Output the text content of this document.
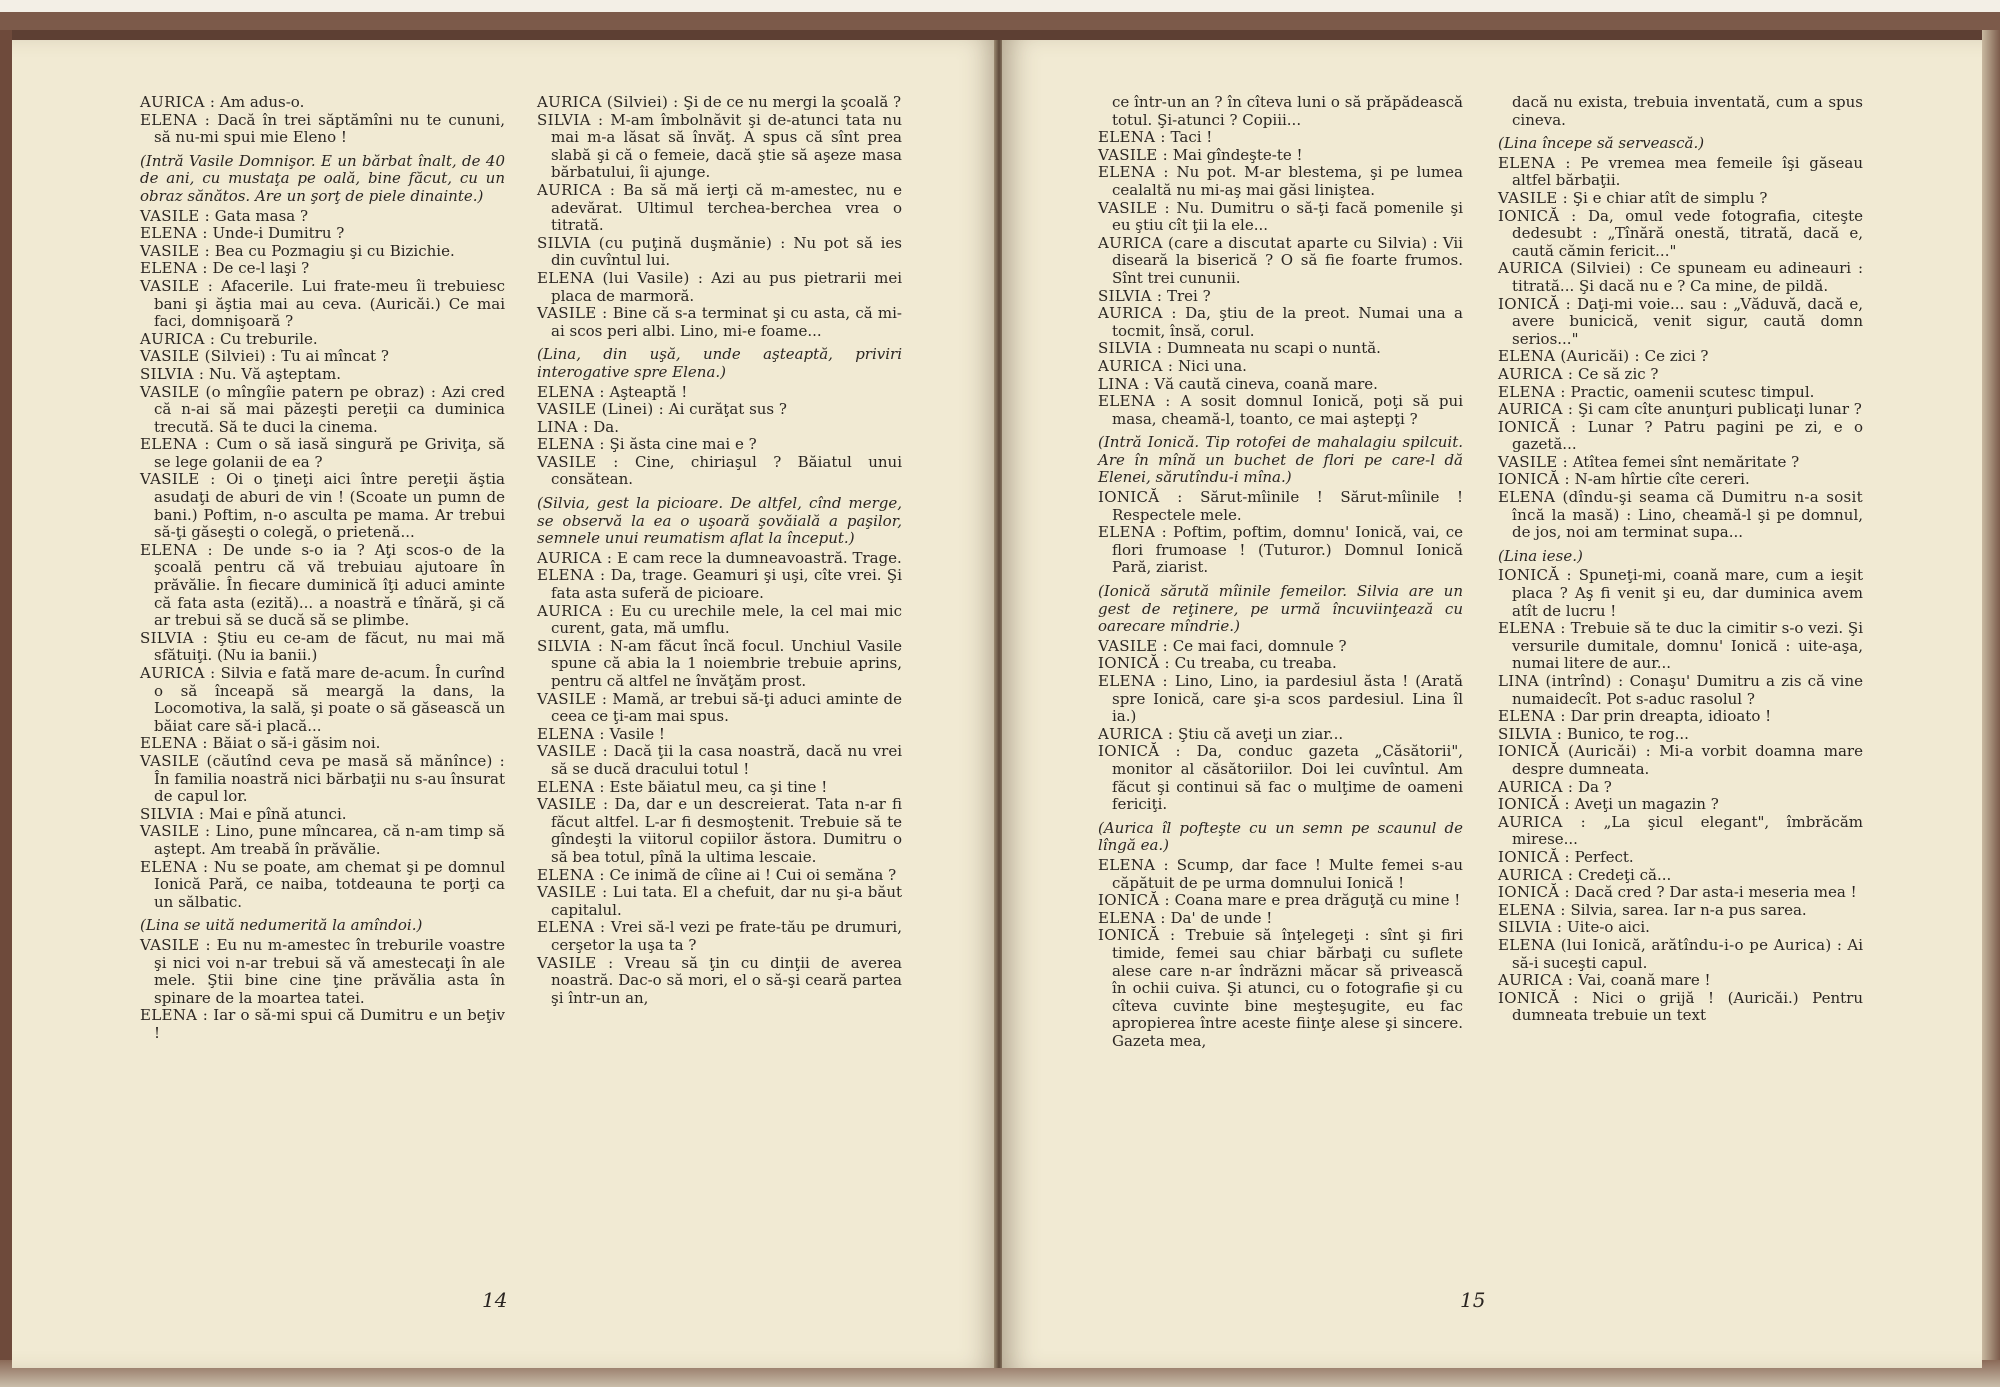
AURICA : Am adus-o.

ELENA : Dacă în trei săptămîni nu te cununi, să nu-mi spui mie Eleno !

(Intră Vasile Domnişor. E un bărbat înalt, de 40 de ani, cu mustaţa pe oală, bine făcut, cu un obraz sănătos. Are un şorţ de piele dinainte.)

VASILE : Gata masa ?

ELENA : Unde-i Dumitru ?

VASILE : Bea cu Pozmagiu şi cu Bizichie.

ELENA : De ce-l laşi ?

VASILE : Afacerile. Lui frate-meu îi trebuiesc bani şi ăştia mai au ceva. (Auricăi.) Ce mai faci, domnişoară ?

AURICA : Cu treburile.

VASILE (Silviei) : Tu ai mîncat ?

SILVIA : Nu. Vă aşteptam.

VASILE (o mîngîie patern pe obraz) : Azi cred că n-ai să mai păzeşti pereţii ca duminica trecută. Să te duci la cinema.

ELENA : Cum o să iasă singură pe Griviţa, să se lege golanii de ea ?

VASILE : Oi o ţineţi aici între pereţii ăştia asudaţi de aburi de vin ! (Scoate un pumn de bani.) Poftim, n-o asculta pe mama. Ar trebui să-ţi găseşti o colegă, o prietenă...

ELENA : De unde s-o ia ? Aţi scos-o de la şcoală pentru că vă trebuiau ajutoare în prăvălie. În fiecare duminică îţi aduci aminte că fata asta (ezită)... a noastră e tînără, şi că ar trebui să se ducă să se plimbe.

SILVIA : Ştiu eu ce-am de făcut, nu mai mă sfătuiţi. (Nu ia banii.)

AURICA : Silvia e fată mare de-acum. În curînd o să înceapă să meargă la dans, la Locomotiva, la sală, şi poate o să găsească un băiat care să-i placă...

ELENA : Băiat o să-i găsim noi.

VASILE (căutînd ceva pe masă să mănînce) : În familia noastră nici bărbaţii nu s-au însurat de capul lor.

SILVIA : Mai e pînă atunci.

VASILE : Lino, pune mîncarea, că n-am timp să aştept. Am treabă în prăvălie.

ELENA : Nu se poate, am chemat şi pe domnul Ionică Pară, ce naiba, totdeauna te porţi ca un sălbatic.

(Lina se uită nedumerită la amîndoi.)

VASILE : Eu nu m-amestec în treburile voastre şi nici voi n-ar trebui să vă amestecaţi în ale mele. Ştii bine cine ţine prăvălia asta în spinare de la moartea tatei.

ELENA : Iar o să-mi spui că Dumitru e un beţiv !

AURICA (Silviei) : Şi de ce nu mergi la şcoală ?

SILVIA : M-am îmbolnăvit şi de-atunci tata nu mai m-a lăsat să învăţ. A spus că sînt prea slabă şi că o femeie, dacă ştie să aşeze masa bărbatului, îi ajunge.

AURICA : Ba să mă ierţi că m-amestec, nu e adevărat. Ultimul terchea-berchea vrea o titrată.

SILVIA (cu puţină duşmănie) : Nu pot să ies din cuvîntul lui.

ELENA (lui Vasile) : Azi au pus pietrarii mei placa de marmoră.

VASILE : Bine că s-a terminat şi cu asta, că mi-ai scos peri albi. Lino, mi-e foame...

(Lina, din uşă, unde aşteaptă, priviri interogative spre Elena.)

ELENA : Aşteaptă !

VASILE (Linei) : Ai curăţat sus ?

LINA : Da.

ELENA : Şi ăsta cine mai e ?

VASILE : Cine, chiriaşul ? Băiatul unui consătean.

(Silvia, gest la picioare. De altfel, cînd merge, se observă la ea o uşoară şovăială a paşilor, semnele unui reumatism aflat la început.)

AURICA : E cam rece la dumneavoastră. Trage.

ELENA : Da, trage. Geamuri şi uşi, cîte vrei. Şi fata asta suferă de picioare.

AURICA : Eu cu urechile mele, la cel mai mic curent, gata, mă umflu.

SILVIA : N-am făcut încă focul. Unchiul Vasile spune că abia la 1 noiembrie trebuie aprins, pentru că altfel ne învăţăm prost.

VASILE : Mamă, ar trebui să-ţi aduci aminte de ceea ce ţi-am mai spus.

ELENA : Vasile !

VASILE : Dacă ţii la casa noastră, dacă nu vrei să se ducă dracului totul !

ELENA : Este băiatul meu, ca şi tine !

VASILE : Da, dar e un descreierat. Tata n-ar fi făcut altfel. L-ar fi desmoştenit. Trebuie să te gîndeşti la viitorul copiilor ăstora. Dumitru o să bea totul, pînă la ultima lescaie.

ELENA : Ce inimă de cîine ai ! Cui oi semăna ?

VASILE : Lui tata. El a chefuit, dar nu şi-a băut capitalul.

ELENA : Vrei să-l vezi pe frate-tău pe drumuri, cerşetor la uşa ta ?

VASILE : Vreau să ţin cu dinţii de averea noastră. Dac-o să mori, el o să-şi ceară partea şi într-un an,

14

ce într-un an ? în cîteva luni o să prăpădească totul. Şi-atunci ? Copiii...

ELENA : Taci !

VASILE : Mai gîndeşte-te !

ELENA : Nu pot. M-ar blestema, şi pe lumea cealaltă nu mi-aş mai găsi liniştea.

VASILE : Nu. Dumitru o să-ţi facă pomenile şi eu ştiu cît ţii la ele...

AURICA (care a discutat aparte cu Silvia) : Vii diseară la biserică ? O să fie foarte frumos. Sînt trei cununii.

SILVIA : Trei ?

AURICA : Da, ştiu de la preot. Numai una a tocmit, însă, corul.

SILVIA : Dumneata nu scapi o nuntă.

AURICA : Nici una.

LINA : Vă caută cineva, coană mare.

ELENA : A sosit domnul Ionică, poţi să pui masa, cheamă-l, toanto, ce mai aştepţi ?

(Intră Ionică. Tip rotofei de mahalagiu spilcuit. Are în mînă un buchet de flori pe care-l dă Elenei, sărutîndu-i mîna.)

IONICĂ : Sărut-mîinile ! Sărut-mîinile ! Respectele mele.

ELENA : Poftim, poftim, domnu' Ionică, vai, ce flori frumoase ! (Tuturor.) Domnul Ionică Pară, ziarist.

(Ionică sărută mîinile femeilor. Silvia are un gest de reţinere, pe urmă încuviinţează cu oarecare mîndrie.)

VASILE : Ce mai faci, domnule ?

IONICĂ : Cu treaba, cu treaba.

ELENA : Lino, Lino, ia pardesiul ăsta ! (Arată spre Ionică, care şi-a scos pardesiul. Lina îl ia.)

AURICA : Ştiu că aveţi un ziar...

IONICĂ : Da, conduc gazeta „Căsătorii", monitor al căsătoriilor. Doi lei cuvîntul. Am făcut şi continui să fac o mulţime de oameni fericiţi.

(Aurica îl pofteşte cu un semn pe scaunul de lîngă ea.)

ELENA : Scump, dar face ! Multe femei s-au căpătuit de pe urma domnului Ionică !

IONICĂ : Coana mare e prea drăguţă cu mine !

ELENA : Da' de unde !

IONICĂ : Trebuie să înţelegeţi : sînt şi firi timide, femei sau chiar bărbaţi cu suflete alese care n-ar îndrăzni măcar să privească în ochii cuiva. Şi atunci, cu o fotografie şi cu cîteva cuvinte bine meşteşugite, eu fac apropierea între aceste fiinţe alese şi sincere. Gazeta mea,

dacă nu exista, trebuia inventată, cum a spus cineva.

(Lina începe să servească.)

ELENA : Pe vremea mea femeile îşi găseau altfel bărbaţii.

VASILE : Şi e chiar atît de simplu ?

IONICĂ : Da, omul vede fotografia, citeşte dedesubt : „Tînără onestă, titrată, dacă e, caută cămin fericit..."

AURICA (Silviei) : Ce spuneam eu adineauri : titrată... Şi dacă nu e ? Ca mine, de pildă.

IONICĂ : Daţi-mi voie... sau : „Văduvă, dacă e, avere bunicică, venit sigur, caută domn serios..."

ELENA (Auricăi) : Ce zici ?

AURICA : Ce să zic ?

ELENA : Practic, oamenii scutesc timpul.

AURICA : Şi cam cîte anunţuri publicaţi lunar ?

IONICĂ : Lunar ? Patru pagini pe zi, e o gazetă...

VASILE : Atîtea femei sînt nemăritate ?

IONICĂ : N-am hîrtie cîte cereri.

ELENA (dîndu-şi seama că Dumitru n-a sosit încă la masă) : Lino, cheamă-l şi pe domnul, de jos, noi am terminat supa...

(Lina iese.)

IONICĂ : Spuneţi-mi, coană mare, cum a ieşit placa ? Aş fi venit şi eu, dar duminica avem atît de lucru !

ELENA : Trebuie să te duc la cimitir s-o vezi. Şi versurile dumitale, domnu' Ionică : uite-aşa, numai litere de aur...

LINA (intrînd) : Conaşu' Dumitru a zis că vine numaidecît. Pot s-aduc rasolul ?

ELENA : Dar prin dreapta, idioato !

SILVIA : Bunico, te rog...

IONICĂ (Auricăi) : Mi-a vorbit doamna mare despre dumneata.

AURICA : Da ?

IONICĂ : Aveţi un magazin ?

AURICA : „La şicul elegant", îmbrăcăm mirese...

IONICĂ : Perfect.

AURICA : Credeţi că...

IONICĂ : Dacă cred ? Dar asta-i meseria mea !

ELENA : Silvia, sarea. Iar n-a pus sarea.

SILVIA : Uite-o aici.

ELENA (lui Ionică, arătîndu-i-o pe Aurica) : Ai să-i suceşti capul.

AURICA : Vai, coană mare !

IONICĂ : Nici o grijă ! (Auricăi.) Pentru dumneata trebuie un text

15
